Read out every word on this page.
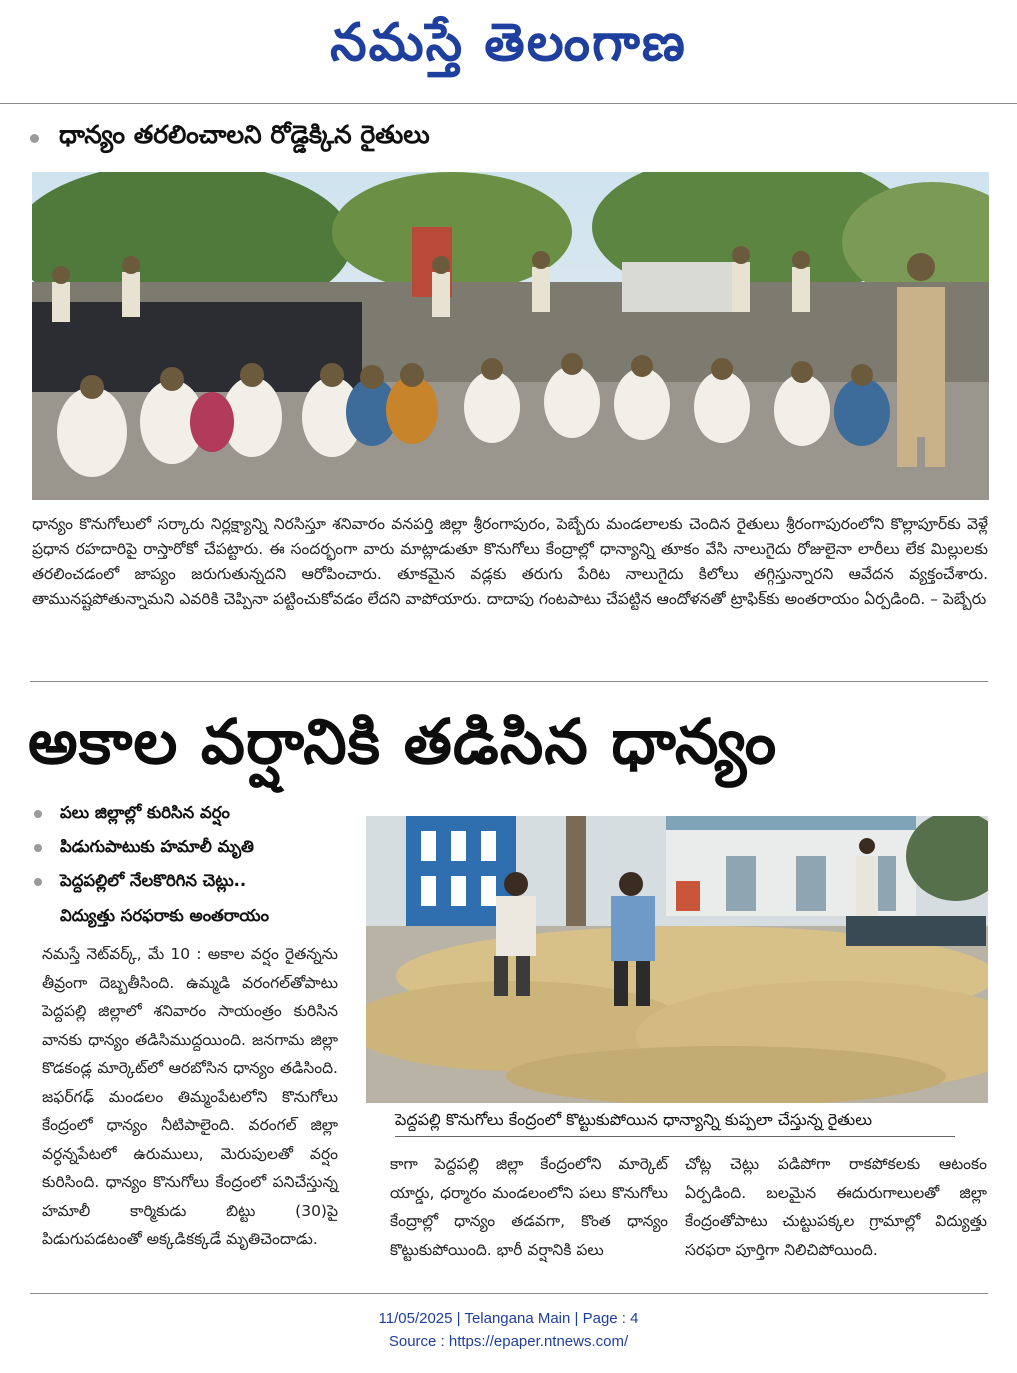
నమస్తే తెలంగాణ
ధాన్యం తరలించాలని రోడ్డెక్కిన రైతులు

ధాన్యం కొనుగోలులో సర్కారు నిర్లక్ష్యాన్ని నిరసిస్తూ శనివారం వనపర్తి జిల్లా శ్రీరంగాపురం, పెబ్బేరు మండలాలకు చెందిన రైతులు శ్రీరంగాపురంలోని కొల్లాపూర్‌కు వెళ్లే ప్రధాన రహదారిపై రాస్తారోకో చేపట్టారు. ఈ సందర్భంగా వారు మాట్లాడుతూ కొనుగోలు కేంద్రాల్లో ధాన్యాన్ని తూకం వేసి నాలుగైదు రోజులైనా లారీలు లేక మిల్లులకు తరలించడంలో జాప్యం జరుగుతున్నదని ఆరోపించారు. తూకమైన వడ్లకు తరుగు పేరిట నాలుగైదు కిలోలు తగ్గిస్తున్నారని ఆవేదన వ్యక్తంచేశారు. తామునష్టపోతున్నామని ఎవరికి చెప్పినా పట్టించుకోవడం లేదని వాపోయారు. దాదాపు గంటపాటు చేపట్టిన ఆందోళనతో ట్రాఫిక్‌కు అంతరాయం ఏర్పడింది. – పెబ్బేరు

అకాల వర్షానికి తడిసిన ధాన్యం
పలు జిల్లాల్లో కురిసిన వర్షం
పిడుగుపాటుకు హమాలీ మృతి
పెద్దపల్లిలో నేలకొరిగిన చెట్లు..
విద్యుత్తు సరఫరాకు అంతరాయం
పెద్దపల్లి కొనుగోలు కేంద్రంలో కొట్టుకుపోయిన ధాన్యాన్ని కుప్పలా చేస్తున్న రైతులు

నమస్తే నెట్‌వర్క్‌, మే 10 : అకాల వర్షం రైతన్నను తీవ్రంగా దెబ్బతీసింది. ఉమ్మడి వరంగల్‌తోపాటు పెద్దపల్లి జిల్లాలో శనివారం సాయంత్రం కురిసిన వానకు ధాన్యం తడిసిముద్దయింది. జనగామ జిల్లా కొడకండ్ల మార్కెట్‌లో ఆరబోసిన ధాన్యం తడిసింది. జఫర్‌గఢ్‌ మండలం తిమ్మంపేటలోని కొనుగోలు కేంద్రంలో ధాన్యం నీటిపాలైంది. వరంగల్‌ జిల్లా వర్ధన్నపేటలో ఉరుములు, మెరుపులతో వర్షం కురిసింది. ధాన్యం కొనుగోలు కేంద్రంలో పనిచేస్తున్న హమాలీ కార్మికుడు బిట్టు (30)పై పిడుగుపడటంతో అక్కడికక్కడే మృతిచెందాడు.

కాగా పెద్దపల్లి జిల్లా కేంద్రంలోని మార్కెట్‌ యార్డు, ధర్మారం మండలంలోని పలు కొనుగోలు కేంద్రాల్లో ధాన్యం తడవగా, కొంత ధాన్యం కొట్టుకుపోయింది. భారీ వర్షానికి పలు

చోట్ల చెట్లు పడిపోగా రాకపోకలకు ఆటంకం ఏర్పడింది. బలమైన ఈదురుగాలులతో జిల్లా కేంద్రంతోపాటు చుట్టుపక్కల గ్రామాల్లో విద్యుత్తు సరఫరా పూర్తిగా నిలిచిపోయింది.

11/05/2025 | Telangana Main | Page : 4
Source : https://epaper.ntnews.com/
